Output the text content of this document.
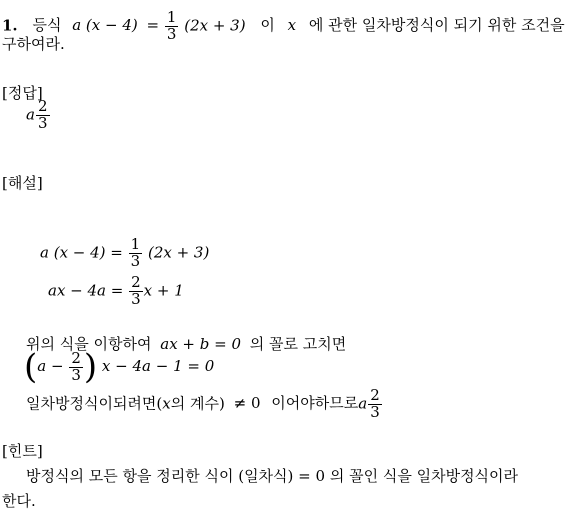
1. 등식 a $(x - 4) = \frac{1}{3} (2x + 3)$ 이 x 에 관한 일차방정식이 되기 위한 조건을
구하여라.
[정답]
a $\frac{2}{3}$
[해설]
a $(x - 4) = \frac{1}{3} (2x + 3)$
ax − $4a = \frac{2}{3}$ x + 1
위의 식을 이항하여 ax + b = 0 의 꼴로 고치면
($a - \frac{2}{3}$ ) x − 4a − 1 = 0
일차방정식이되려면(x의 계수) ≠ 0 이어야하므로a $\frac{2}{3}$
[힌트]
방정식의 모든 항을 정리한 식이 (일차식) = 0 의 꼴인 식을 일차방정식이라
한다.
